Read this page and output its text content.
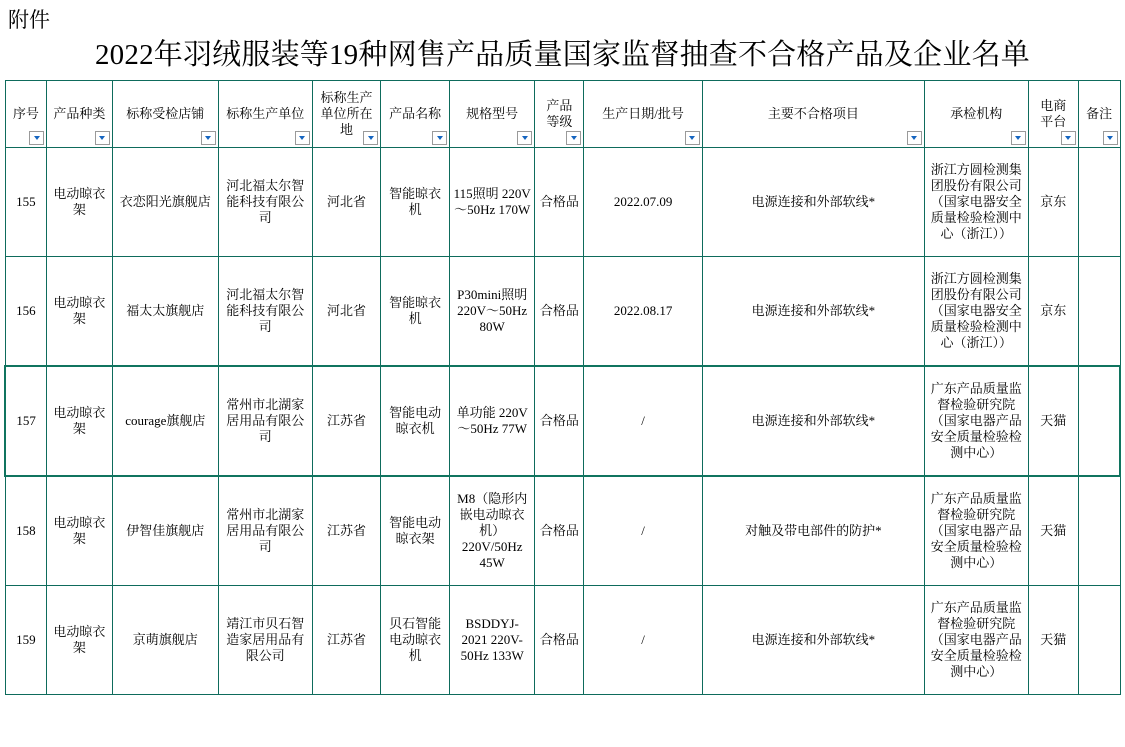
附件
2022年羽绒服装等19种网售产品质量国家监督抽查不合格产品及企业名单
序号	产品种类	标称受检店铺	标称生产单位	标称生产单位所在地	产品名称	规格型号	产品等级	生产日期/批号	主要不合格项目	承检机构	电商平台	备注

155	电动晾衣架	衣恋阳光旗舰店	河北福太尔智能科技有限公司	河北省	智能晾衣机	115照明 220V～50Hz 170W	合格品	2022.07.09	电源连接和外部软线*	浙江方圆检测集团股份有限公司（国家电器安全质量检验检测中心（浙江））	京东	

156	电动晾衣架	福太太旗舰店	河北福太尔智能科技有限公司	河北省	智能晾衣机	P30mini照明 220V～50Hz 80W	合格品	2022.08.17	电源连接和外部软线*	浙江方圆检测集团股份有限公司（国家电器安全质量检验检测中心（浙江））	京东	

157	电动晾衣架	courage旗舰店	常州市北湖家居用品有限公司	江苏省	智能电动晾衣机	单功能 220V～50Hz 77W	合格品	/	电源连接和外部软线*	广东产品质量监督检验研究院（国家电器产品安全质量检验检测中心）	天猫	

158	电动晾衣架	伊智佳旗舰店	常州市北湖家居用品有限公司	江苏省	智能电动晾衣架	M8（隐形内嵌电动晾衣机）220V/50Hz 45W	合格品	/	对触及带电部件的防护*	广东产品质量监督检验研究院（国家电器产品安全质量检验检测中心）	天猫	

159	电动晾衣架	京萌旗舰店	靖江市贝石智造家居用品有限公司	江苏省	贝石智能电动晾衣机	BSDDYJ-2021 220V-50Hz 133W	合格品	/	电源连接和外部软线*	广东产品质量监督检验研究院（国家电器产品安全质量检验检测中心）	天猫	
